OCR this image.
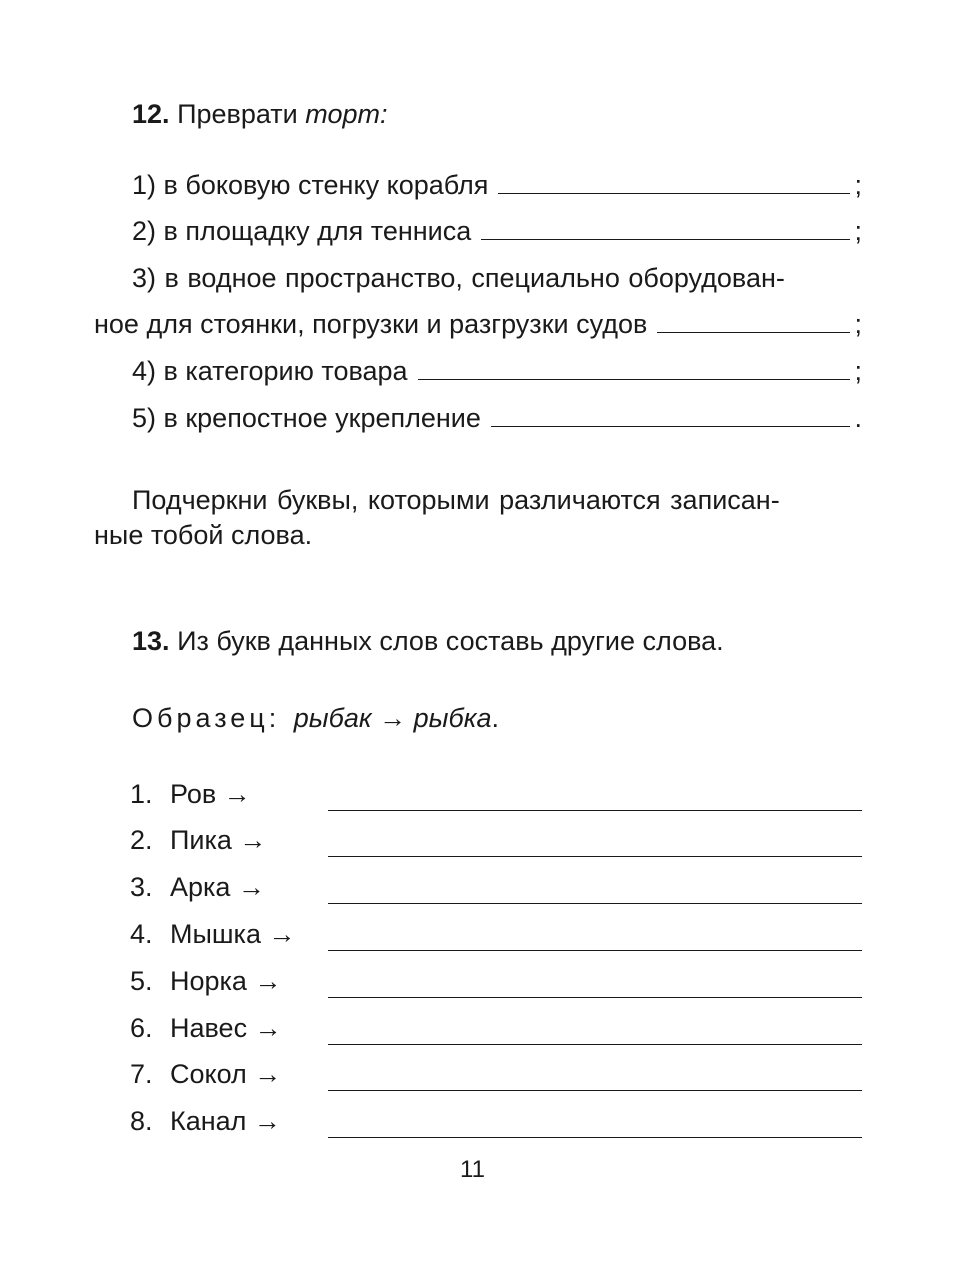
12. Преврати торт:
1) в боковую стенку корабля	;
2) в площадку для тенниса	;
3) в водное пространство, специально оборудован-
ное для стоянки, погрузки и разгрузки судов	;
4) в категорию товара	;
5) в крепостное укрепление	.
Подчеркни буквы, которыми различаются записан-
ные тобой слова.
13. Из букв данных слов составь другие слова.
Образец: рыбак → рыбка.
1. Ров →
2. Пика →
3. Арка →
4. Мышка →
5. Норка →
6. Навес →
7. Сокол →
8. Канал →
11
